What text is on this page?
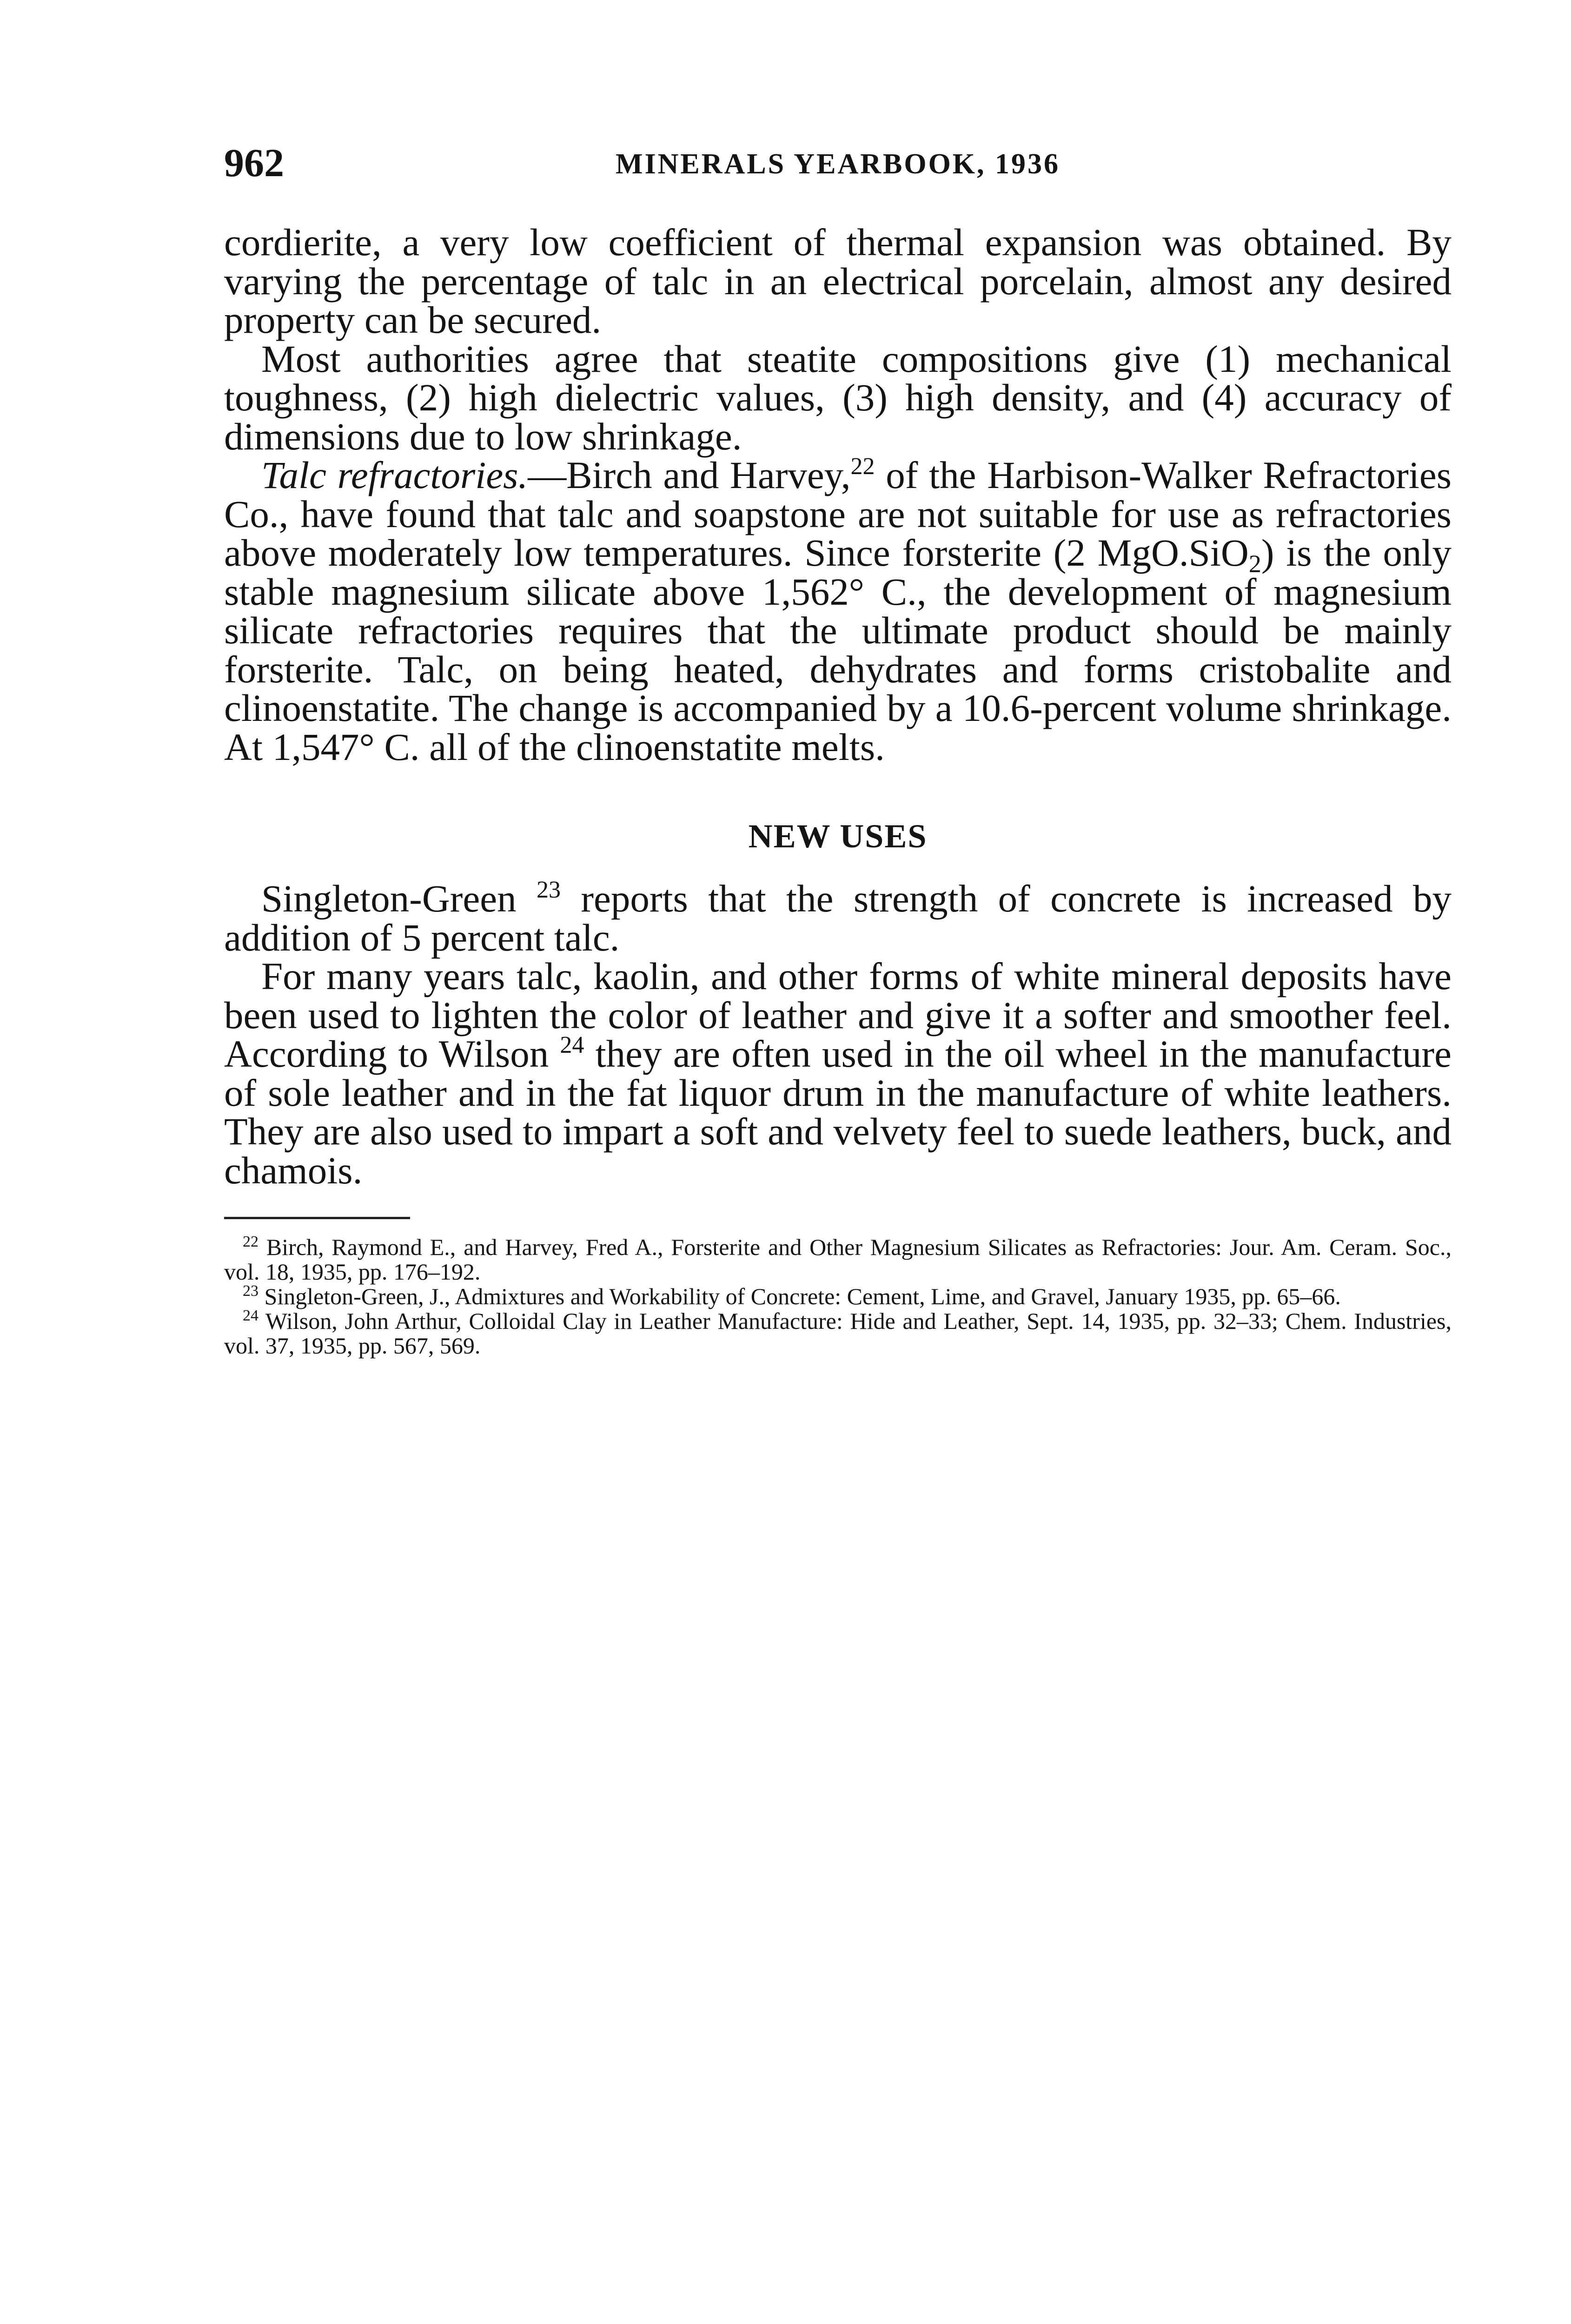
962	MINERALS YEARBOOK, 1936

cordierite, a very low coefficient of thermal expansion was obtained. By varying the percentage of talc in an electrical porcelain, almost any desired property can be secured.

Most authorities agree that steatite compositions give (1) mechanical toughness, (2) high dielectric values, (3) high density, and (4) accuracy of dimensions due to low shrinkage.

Talc refractories.—Birch and Harvey,$^{22}$ of the Harbison-Walker Refractories Co., have found that talc and soapstone are not suitable for use as refractories above moderately low temperatures. Since forsterite (2 MgO.SiO$_2$) is the only stable magnesium silicate above 1,562° C., the development of magnesium silicate refractories requires that the ultimate product should be mainly forsterite. Talc, on being heated, dehydrates and forms cristobalite and clinoenstatite. The change is accompanied by a 10.6-percent volume shrinkage. At 1,547° C. all of the clinoenstatite melts.

NEW USES

Singleton-Green $^{23}$ reports that the strength of concrete is increased by addition of 5 percent talc.

For many years talc, kaolin, and other forms of white mineral deposits have been used to lighten the color of leather and give it a softer and smoother feel. According to Wilson $^{24}$ they are often used in the oil wheel in the manufacture of sole leather and in the fat liquor drum in the manufacture of white leathers. They are also used to impart a soft and velvety feel to suede leathers, buck, and chamois.

$^{22}$ Birch, Raymond E., and Harvey, Fred A., Forsterite and Other Magnesium Silicates as Refractories: Jour. Am. Ceram. Soc., vol. 18, 1935, pp. 176–192.

$^{23}$ Singleton-Green, J., Admixtures and Workability of Concrete: Cement, Lime, and Gravel, January 1935, pp. 65–66.

$^{24}$ Wilson, John Arthur, Colloidal Clay in Leather Manufacture: Hide and Leather, Sept. 14, 1935, pp. 32–33; Chem. Industries, vol. 37, 1935, pp. 567, 569.
